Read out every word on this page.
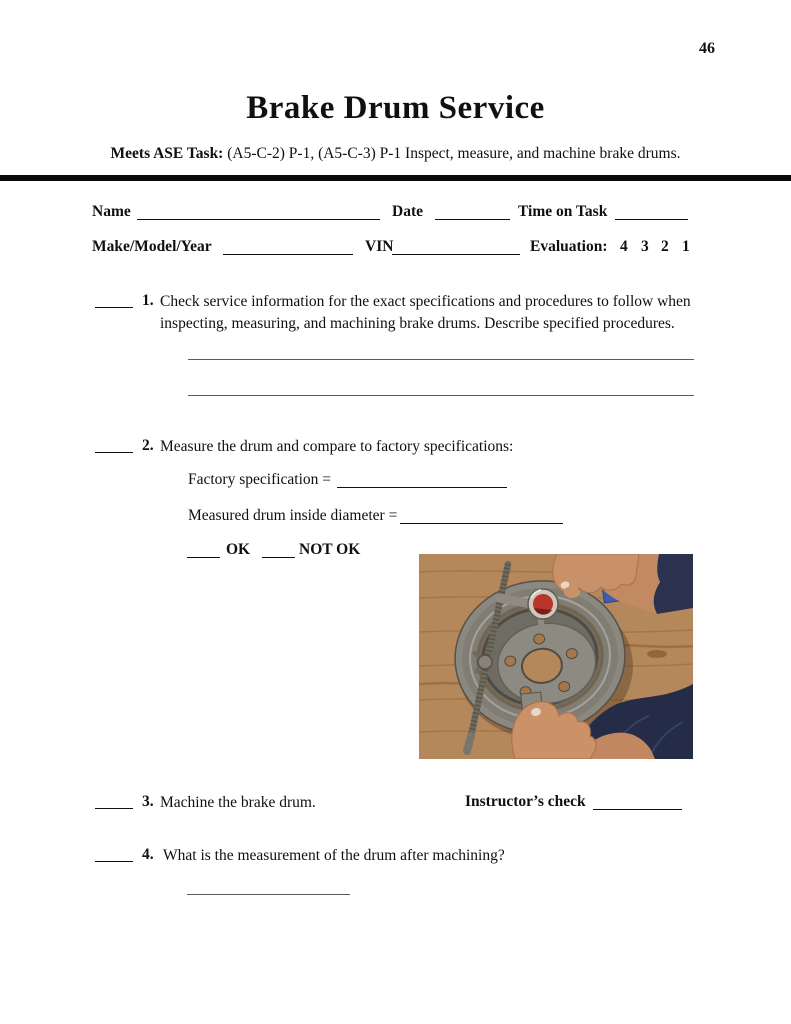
46
Brake Drum Service
Meets ASE Task: (A5-C-2) P-1, (A5-C-3) P-1 Inspect, measure, and machine brake drums.
Name	Date	Time on Task
Make/Model/Year	VIN	Evaluation: 4 3 2 1
1. Check service information for the exact specifications and procedures to follow when inspecting, measuring, and machining brake drums. Describe specified procedures.
2. Measure the drum and compare to factory specifications:
Factory specification =
Measured drum inside diameter =
OK	NOT OK
3. Machine the brake drum.	Instructor’s check
4. What is the measurement of the drum after machining?
